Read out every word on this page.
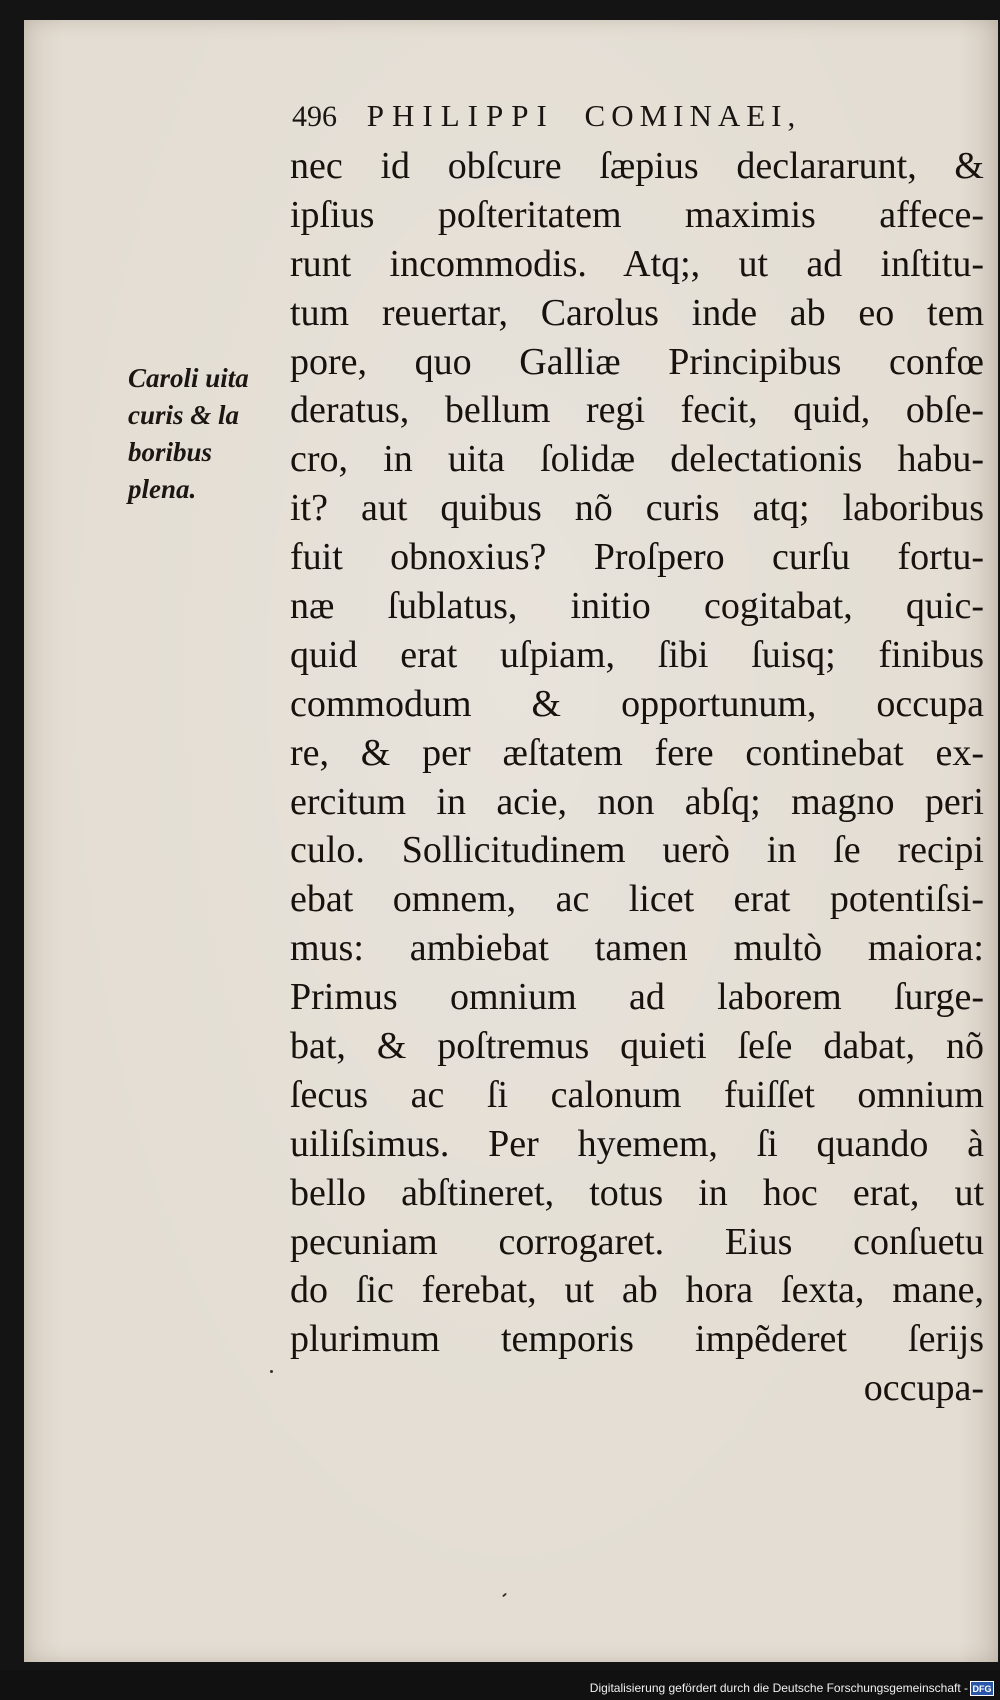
496 PHILIPPI COMINAEI,
Caroli uita
curis & la
boribus
plena.
nec id obſcure ſæpius declararunt, &
ipſius poſteritatem maximis affece-
runt incommodis. Atq;, ut ad inſtitu-
tum reuertar, Carolus inde ab eo tem
pore, quo Galliæ Principibus confœ
deratus, bellum regi fecit, quid, obſe-
cro, in uita ſolidæ delectationis habu-
it? aut quibus nõ curis atq; laboribus
fuit obnoxius? Proſpero curſu fortu-
næ ſublatus, initio cogitabat, quic-
quid erat uſpiam, ſibi ſuisq; finibus
commodum & opportunum, occupa
re, & per æſtatem fere continebat ex-
ercitum in acie, non abſq; magno peri
culo. Sollicitudinem uerò in ſe recipi
ebat omnem, ac licet erat potentiſsi-
mus: ambiebat tamen multò maiora:
Primus omnium ad laborem ſurge-
bat, & poſtremus quieti ſeſe dabat, nõ
ſecus ac ſi calonum fuiſſet omnium
uiliſsimus. Per hyemem, ſi quando à
bello abſtineret, totus in hoc erat, ut
pecuniam corrogaret. Eius conſuetu
do ſic ferebat, ut ab hora ſexta, mane,
plurimum temporis impẽderet ſerijs
occupa-
Digitalisierung gefördert durch die Deutsche Forschungsgemeinschaft - DFG
